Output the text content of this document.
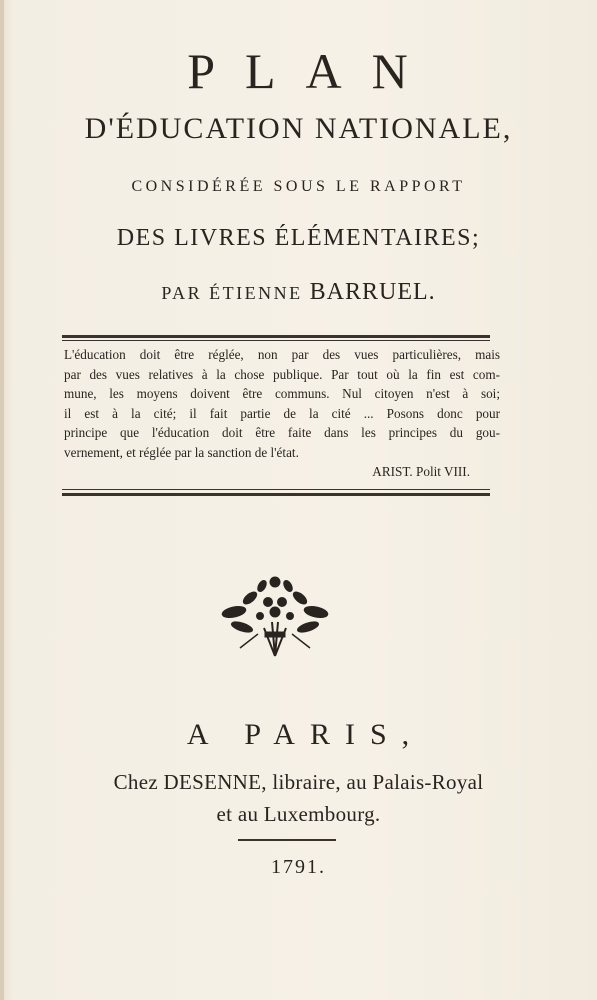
PLAN
D'ÉDUCATION NATIONALE,
CONSIDÉRÉE SOUS LE RAPPORT
DES LIVRES ÉLÉMENTAIRES;
PAR ÉTIENNE BARRUEL.
L'éducation doit être réglée, non par des vues particulières, mais
par des vues relatives à la chose publique. Par tout où la fin est com-
mune, les moyens doivent être communs. Nul citoyen n'est à soi;
il est à la cité; il fait partie de la cité ... Posons donc pour
principe que l'éducation doit être faite dans les principes du gou-
vernement, et réglée par la sanction de l'état.
ARIST. Polit VIII.
A PARIS,
Chez DESENNE, libraire, au Palais-Royal
et au Luxembourg.
1791.
